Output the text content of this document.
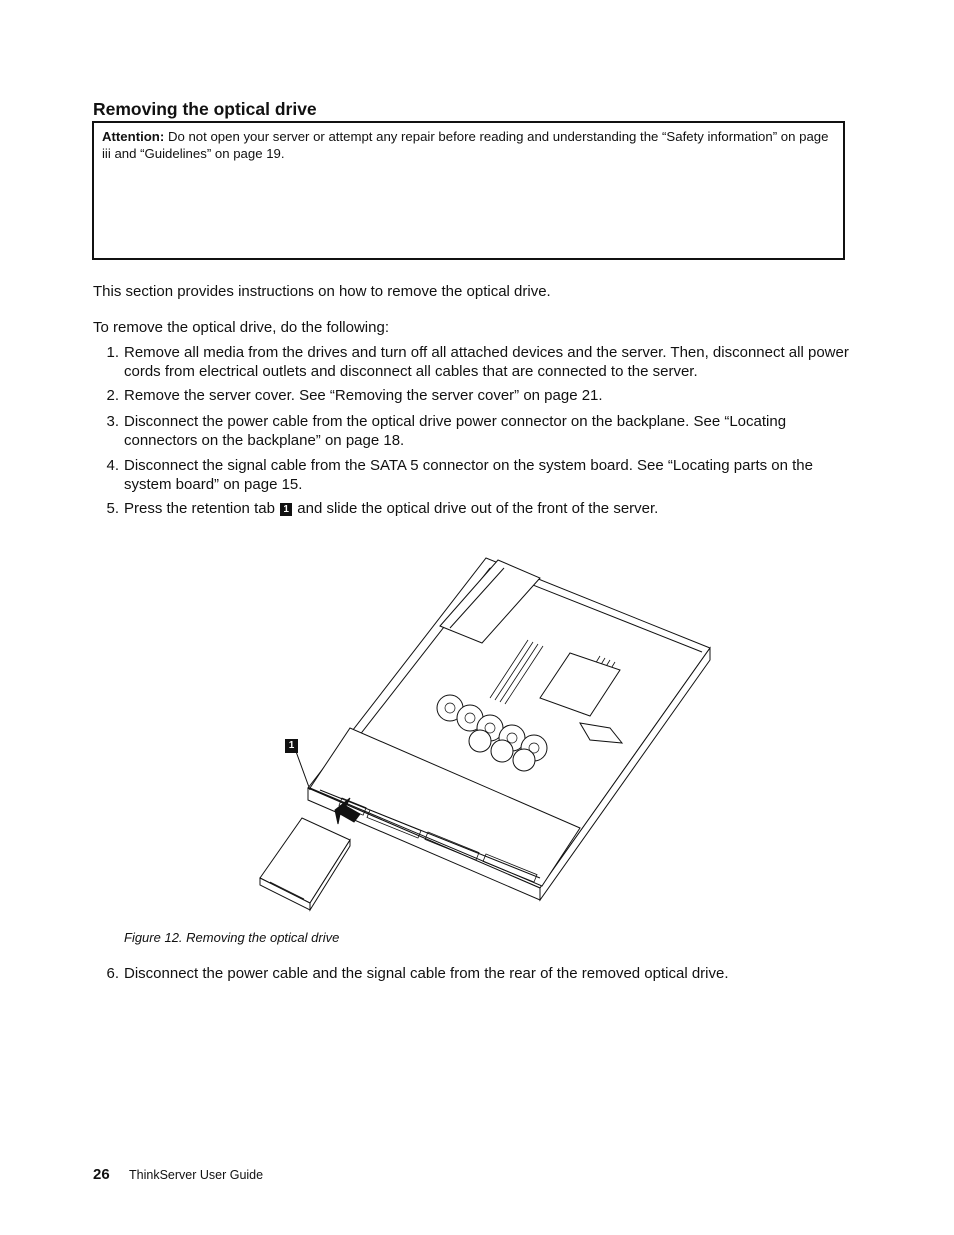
Removing the optical drive
Attention: Do not open your server or attempt any repair before reading and understanding the “Safety information” on page iii and “Guidelines” on page 19.

This section provides instructions on how to remove the optical drive.

To remove the optical drive, do the following:

1. Remove all media from the drives and turn off all attached devices and the server. Then, disconnect all power cords from electrical outlets and disconnect all cables that are connected to the server.
2. Remove the server cover. See “Removing the server cover” on page 21.
3. Disconnect the power cable from the optical drive power connector on the backplane. See “Locating connectors on the backplane” on page 18.
4. Disconnect the signal cable from the SATA 5 connector on the system board. See “Locating parts on the system board” on page 15.
5. Press the retention tab 1 and slide the optical drive out of the front of the server.
1
Figure 12. Removing the optical drive
6. Disconnect the power cable and the signal cable from the rear of the removed optical drive.
26 ThinkServer User Guide
